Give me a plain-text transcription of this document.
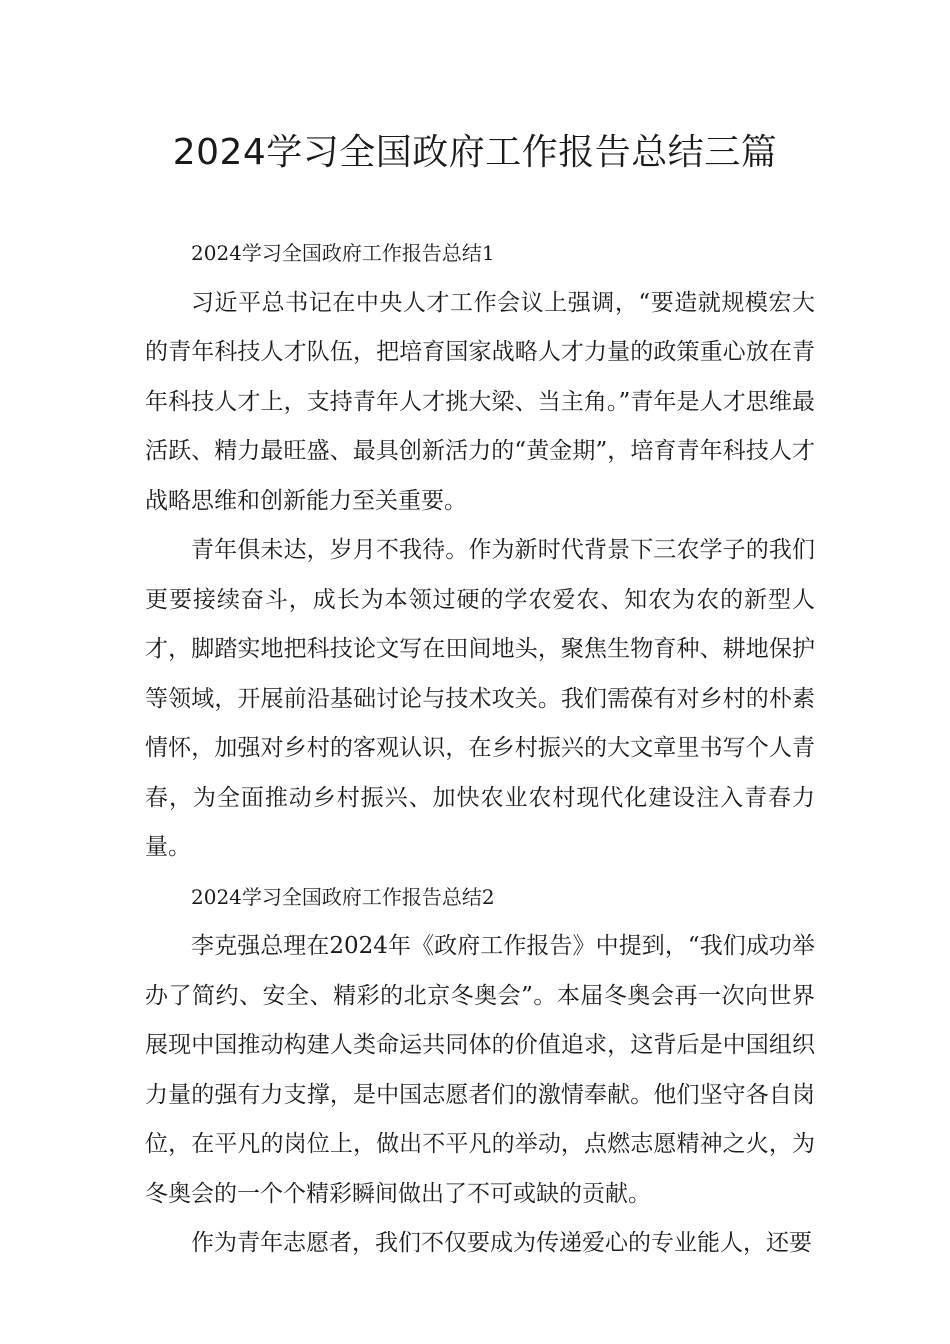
2024学习全国政府工作报告总结三篇

2024学习全国政府工作报告总结1

习近平总书记在中央人才工作会议上强调，“要造就规模宏大的青年科技人才队伍，把培育国家战略人才力量的政策重心放在青年科技人才上，支持青年人才挑大梁、当主角。”青年是人才思维最活跃、精力最旺盛、最具创新活力的“黄金期”，培育青年科技人才战略思维和创新能力至关重要。

青年俱未达，岁月不我待。作为新时代背景下三农学子的我们更要接续奋斗，成长为本领过硬的学农爱农、知农为农的新型人才，脚踏实地把科技论文写在田间地头，聚焦生物育种、耕地保护等领域，开展前沿基础讨论与技术攻关。我们需葆有对乡村的朴素情怀，加强对乡村的客观认识，在乡村振兴的大文章里书写个人青春，为全面推动乡村振兴、加快农业农村现代化建设注入青春力量。

2024学习全国政府工作报告总结2

李克强总理在2024年《政府工作报告》中提到，“我们成功举办了简约、安全、精彩的北京冬奥会”。本届冬奥会再一次向世界展现中国推动构建人类命运共同体的价值追求，这背后是中国组织力量的强有力支撑，是中国志愿者们的激情奉献。他们坚守各自岗位，在平凡的岗位上，做出不平凡的举动，点燃志愿精神之火，为冬奥会的一个个精彩瞬间做出了不可或缺的贡献。

作为青年志愿者，我们不仅要成为传递爱心的专业能人，还要
